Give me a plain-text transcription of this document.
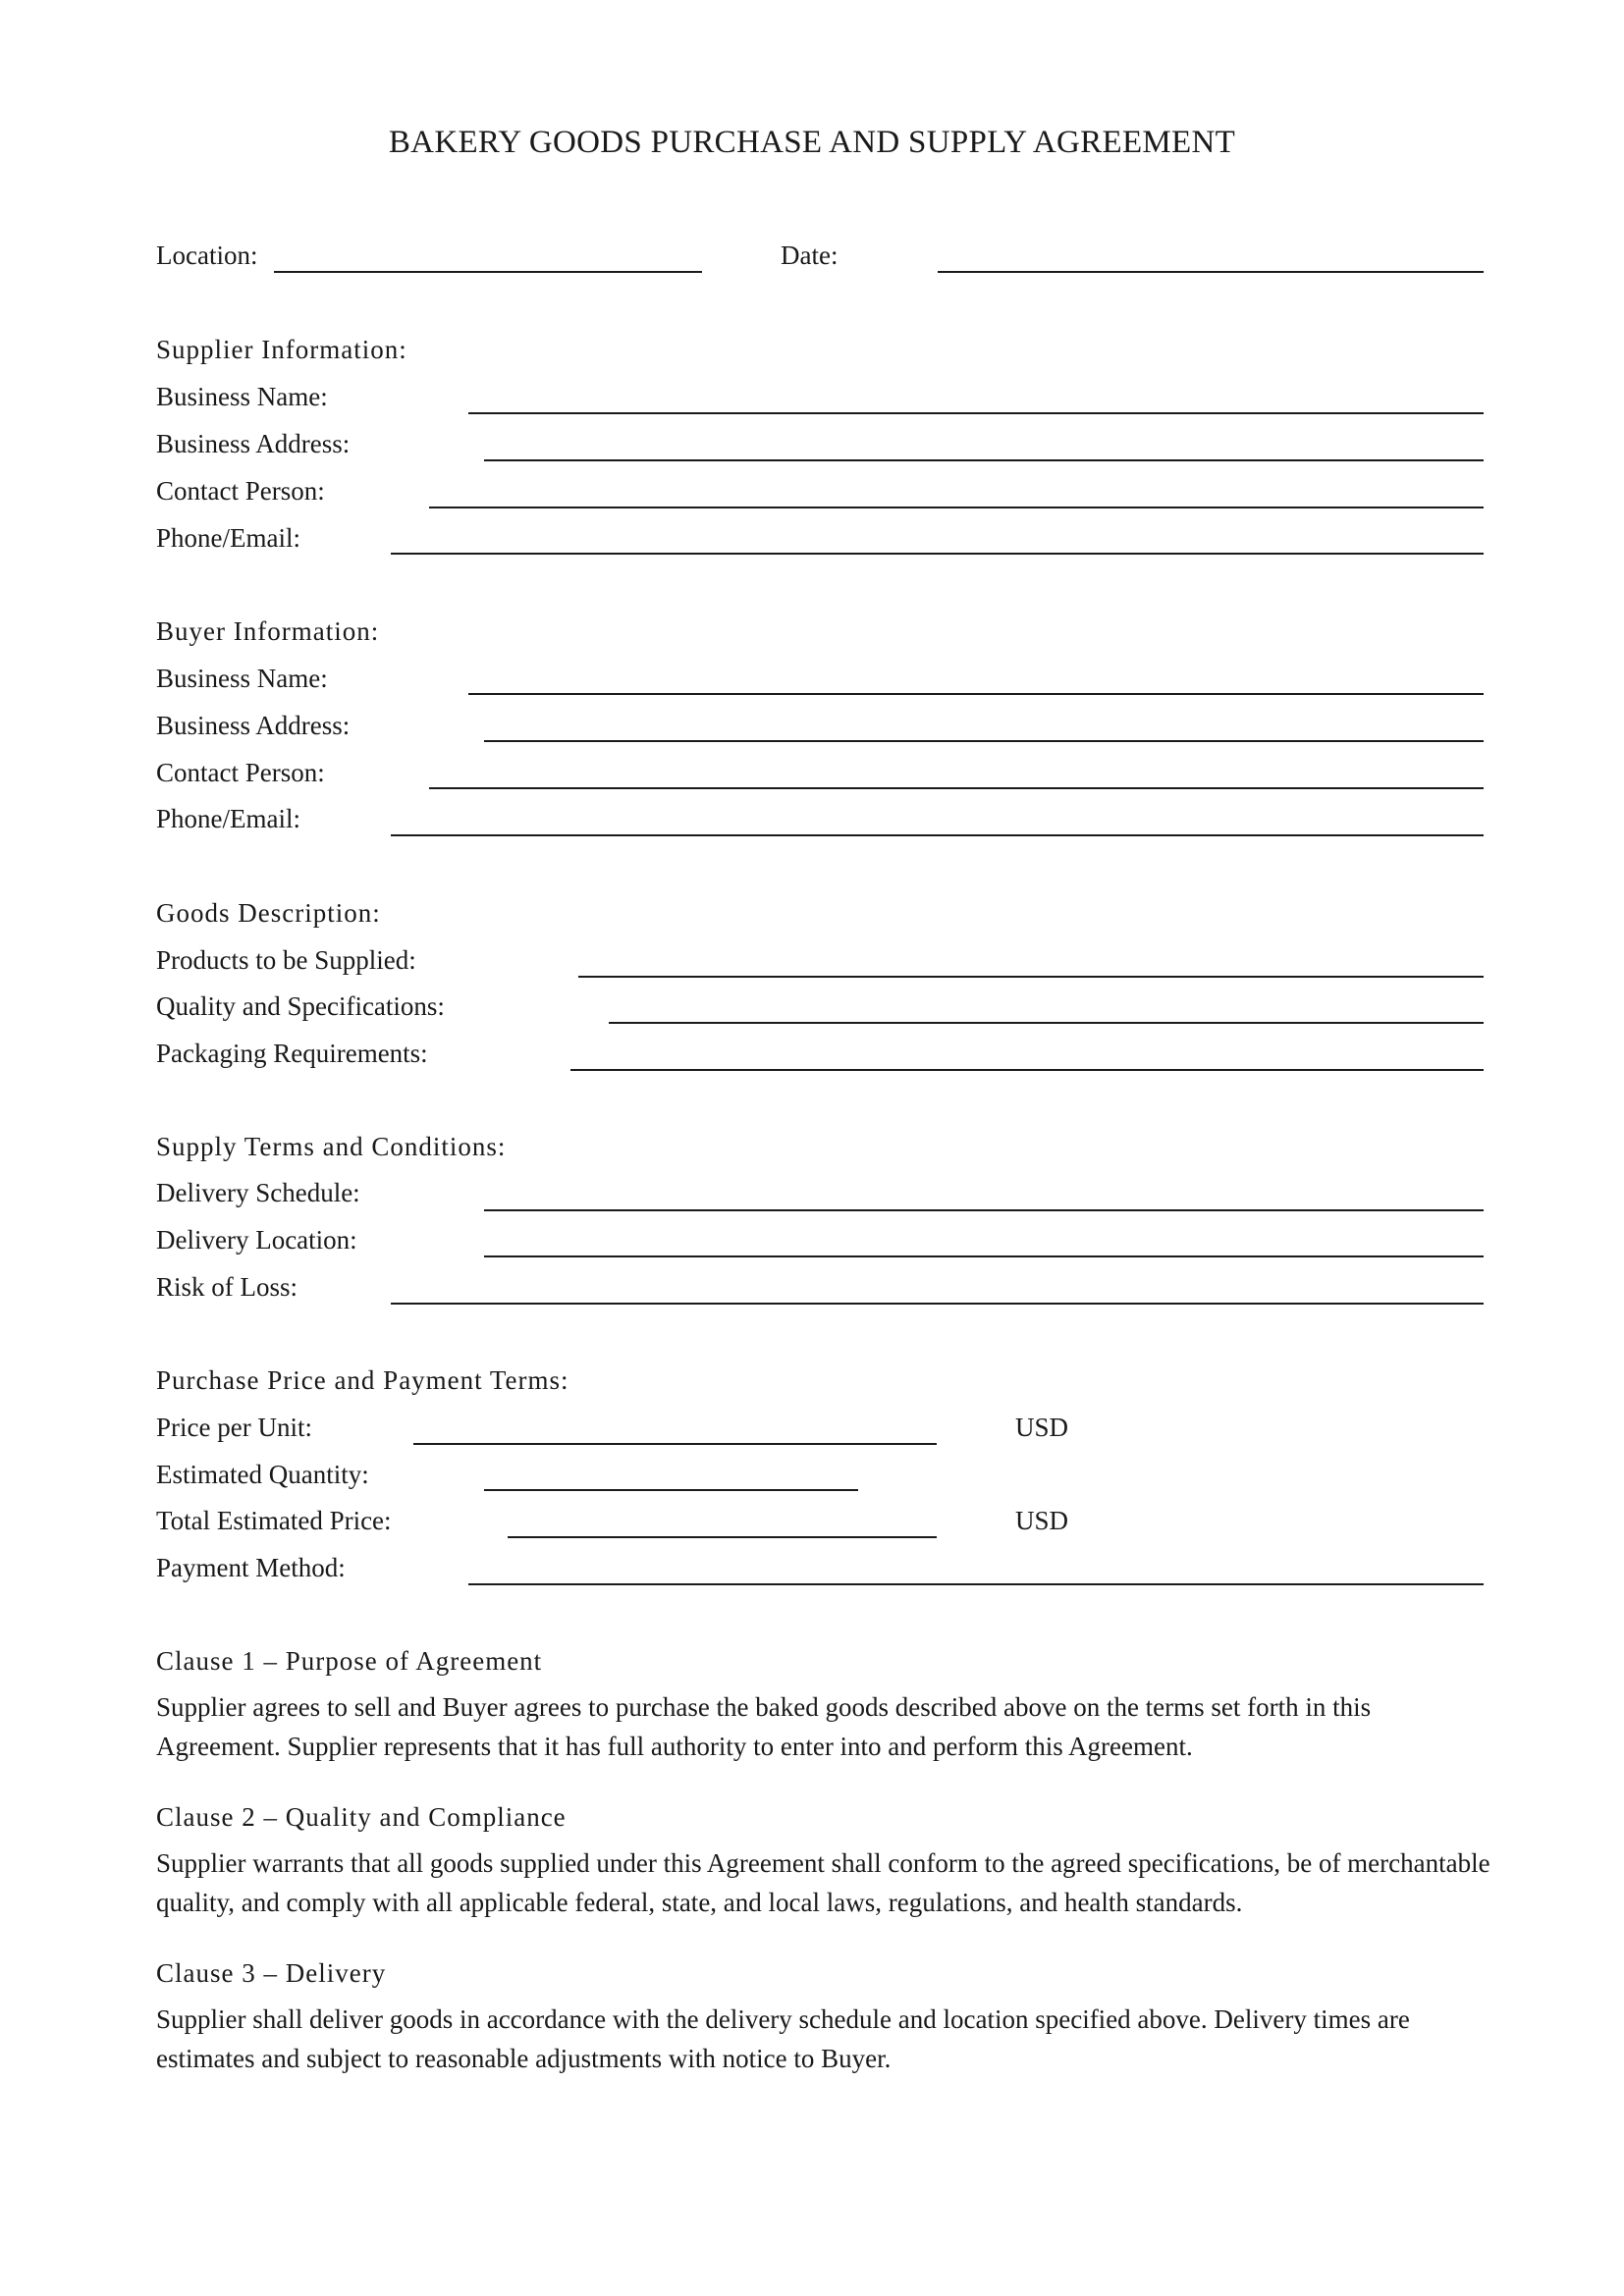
BAKERY GOODS PURCHASE AND SUPPLY AGREEMENT
Location:	Date:
Supplier Information:
Business Name:
Business Address:
Contact Person:
Phone/Email:
Buyer Information:
Business Name:
Business Address:
Contact Person:
Phone/Email:
Goods Description:
Products to be Supplied:
Quality and Specifications:
Packaging Requirements:
Supply Terms and Conditions:
Delivery Schedule:
Delivery Location:
Risk of Loss:
Purchase Price and Payment Terms:
Price per Unit:	USD
Estimated Quantity:
Total Estimated Price:	USD
Payment Method:
Clause 1 – Purpose of Agreement
Supplier agrees to sell and Buyer agrees to purchase the baked goods described above on the terms set forth in this Agreement. Supplier represents that it has full authority to enter into and perform this Agreement.
Clause 2 – Quality and Compliance
Supplier warrants that all goods supplied under this Agreement shall conform to the agreed specifications, be of merchantable quality, and comply with all applicable federal, state, and local laws, regulations, and health standards.
Clause 3 – Delivery
Supplier shall deliver goods in accordance with the delivery schedule and location specified above. Delivery times are estimates and subject to reasonable adjustments with notice to Buyer.
